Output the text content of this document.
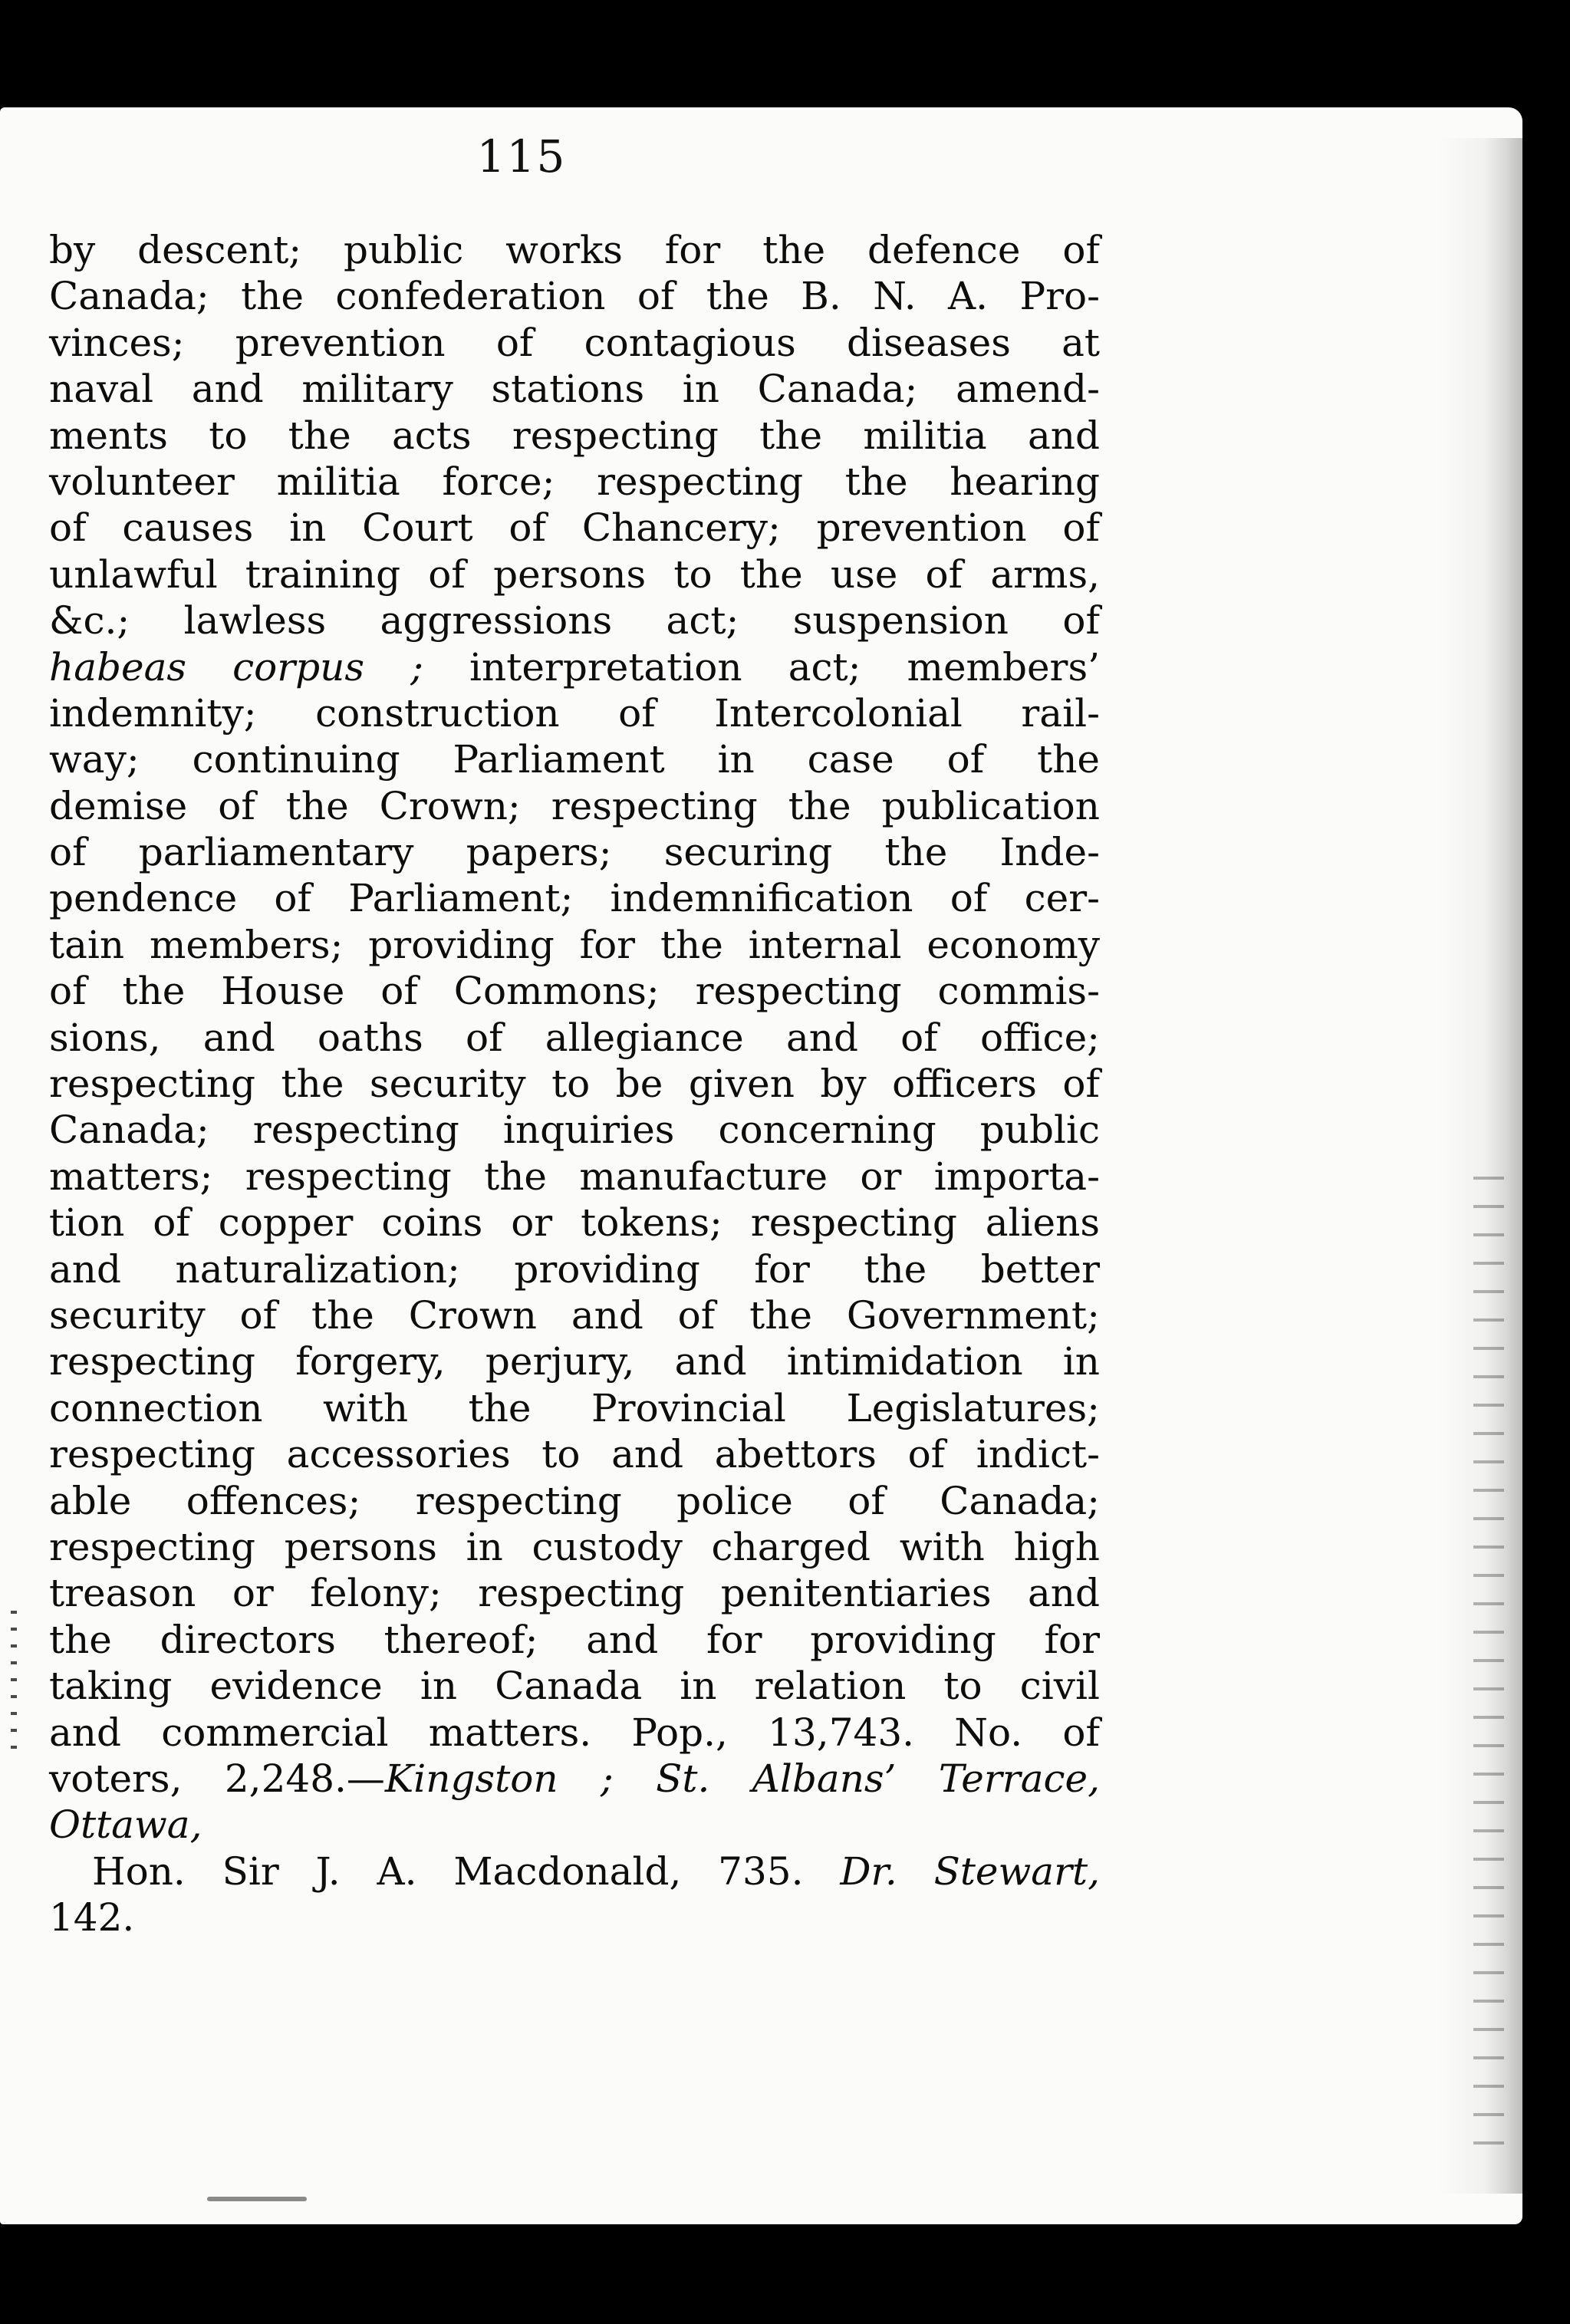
115
by descent; public works for the defence of
Canada; the confederation of the B. N. A. Pro-
vinces; prevention of contagious diseases at
naval and military stations in Canada; amend-
ments to the acts respecting the militia and
volunteer militia force; respecting the hearing
of causes in Court of Chancery; prevention of
unlawful training of persons to the use of arms,
&c.; lawless aggressions act; suspension of
habeas corpus ; interpretation act; members’
indemnity; construction of Intercolonial rail-
way; continuing Parliament in case of the
demise of the Crown; respecting the publication
of parliamentary papers; securing the Inde-
pendence of Parliament; indemnification of cer-
tain members; providing for the internal economy
of the House of Commons; respecting commis-
sions, and oaths of allegiance and of office;
respecting the security to be given by officers of
Canada; respecting inquiries concerning public
matters; respecting the manufacture or importa-
tion of copper coins or tokens; respecting aliens
and naturalization; providing for the better
security of the Crown and of the Government;
respecting forgery, perjury, and intimidation in
connection with the Provincial Legislatures;
respecting accessories to and abettors of indict-
able offences; respecting police of Canada;
respecting persons in custody charged with high
treason or felony; respecting penitentiaries and
the directors thereof; and for providing for
taking evidence in Canada in relation to civil
and commercial matters. Pop., 13,743. No. of
voters, 2,248.—Kingston ; St. Albans’ Terrace,
Ottawa,
Hon. Sir J. A. Macdonald, 735. Dr. Stewart,
142.
